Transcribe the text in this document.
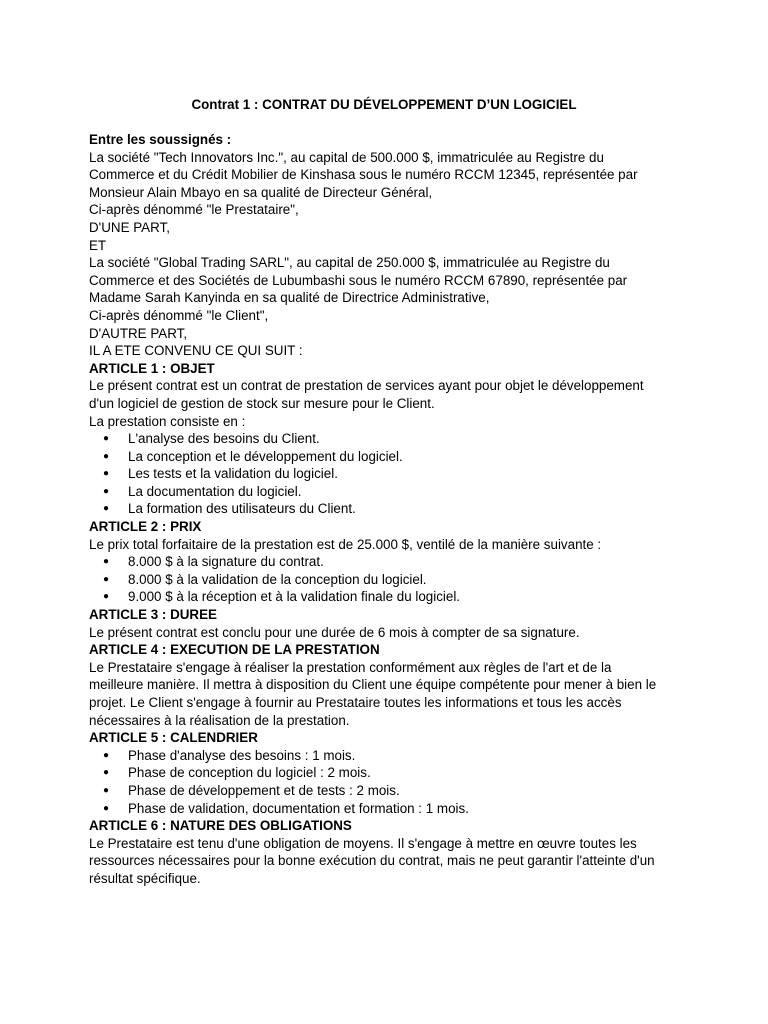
Contrat 1 : CONTRAT DU DÉVELOPPEMENT D’UN LOGICIEL
Entre les soussignés :
La société "Tech Innovators Inc.", au capital de 500.000 $, immatriculée au Registre du
Commerce et du Crédit Mobilier de Kinshasa sous le numéro RCCM 12345, représentée par
Monsieur Alain Mbayo en sa qualité de Directeur Général,
Ci-après dénommé "le Prestataire",
D'UNE PART,
ET
La société "Global Trading SARL", au capital de 250.000 $, immatriculée au Registre du
Commerce et des Sociétés de Lubumbashi sous le numéro RCCM 67890, représentée par
Madame Sarah Kanyinda en sa qualité de Directrice Administrative,
Ci-après dénommé "le Client",
D'AUTRE PART,
IL A ETE CONVENU CE QUI SUIT :
ARTICLE 1 : OBJET
Le présent contrat est un contrat de prestation de services ayant pour objet le développement
d'un logiciel de gestion de stock sur mesure pour le Client.
La prestation consiste en :
● L'analyse des besoins du Client.
● La conception et le développement du logiciel.
● Les tests et la validation du logiciel.
● La documentation du logiciel.
● La formation des utilisateurs du Client.
ARTICLE 2 : PRIX
Le prix total forfaitaire de la prestation est de 25.000 $, ventilé de la manière suivante :
● 8.000 $ à la signature du contrat.
● 8.000 $ à la validation de la conception du logiciel.
● 9.000 $ à la réception et à la validation finale du logiciel.
ARTICLE 3 : DUREE
Le présent contrat est conclu pour une durée de 6 mois à compter de sa signature.
ARTICLE 4 : EXECUTION DE LA PRESTATION
Le Prestataire s'engage à réaliser la prestation conformément aux règles de l'art et de la
meilleure manière. Il mettra à disposition du Client une équipe compétente pour mener à bien le
projet. Le Client s'engage à fournir au Prestataire toutes les informations et tous les accès
nécessaires à la réalisation de la prestation.
ARTICLE 5 : CALENDRIER
● Phase d'analyse des besoins : 1 mois.
● Phase de conception du logiciel : 2 mois.
● Phase de développement et de tests : 2 mois.
● Phase de validation, documentation et formation : 1 mois.
ARTICLE 6 : NATURE DES OBLIGATIONS
Le Prestataire est tenu d'une obligation de moyens. Il s'engage à mettre en œuvre toutes les
ressources nécessaires pour la bonne exécution du contrat, mais ne peut garantir l'atteinte d'un
résultat spécifique.
